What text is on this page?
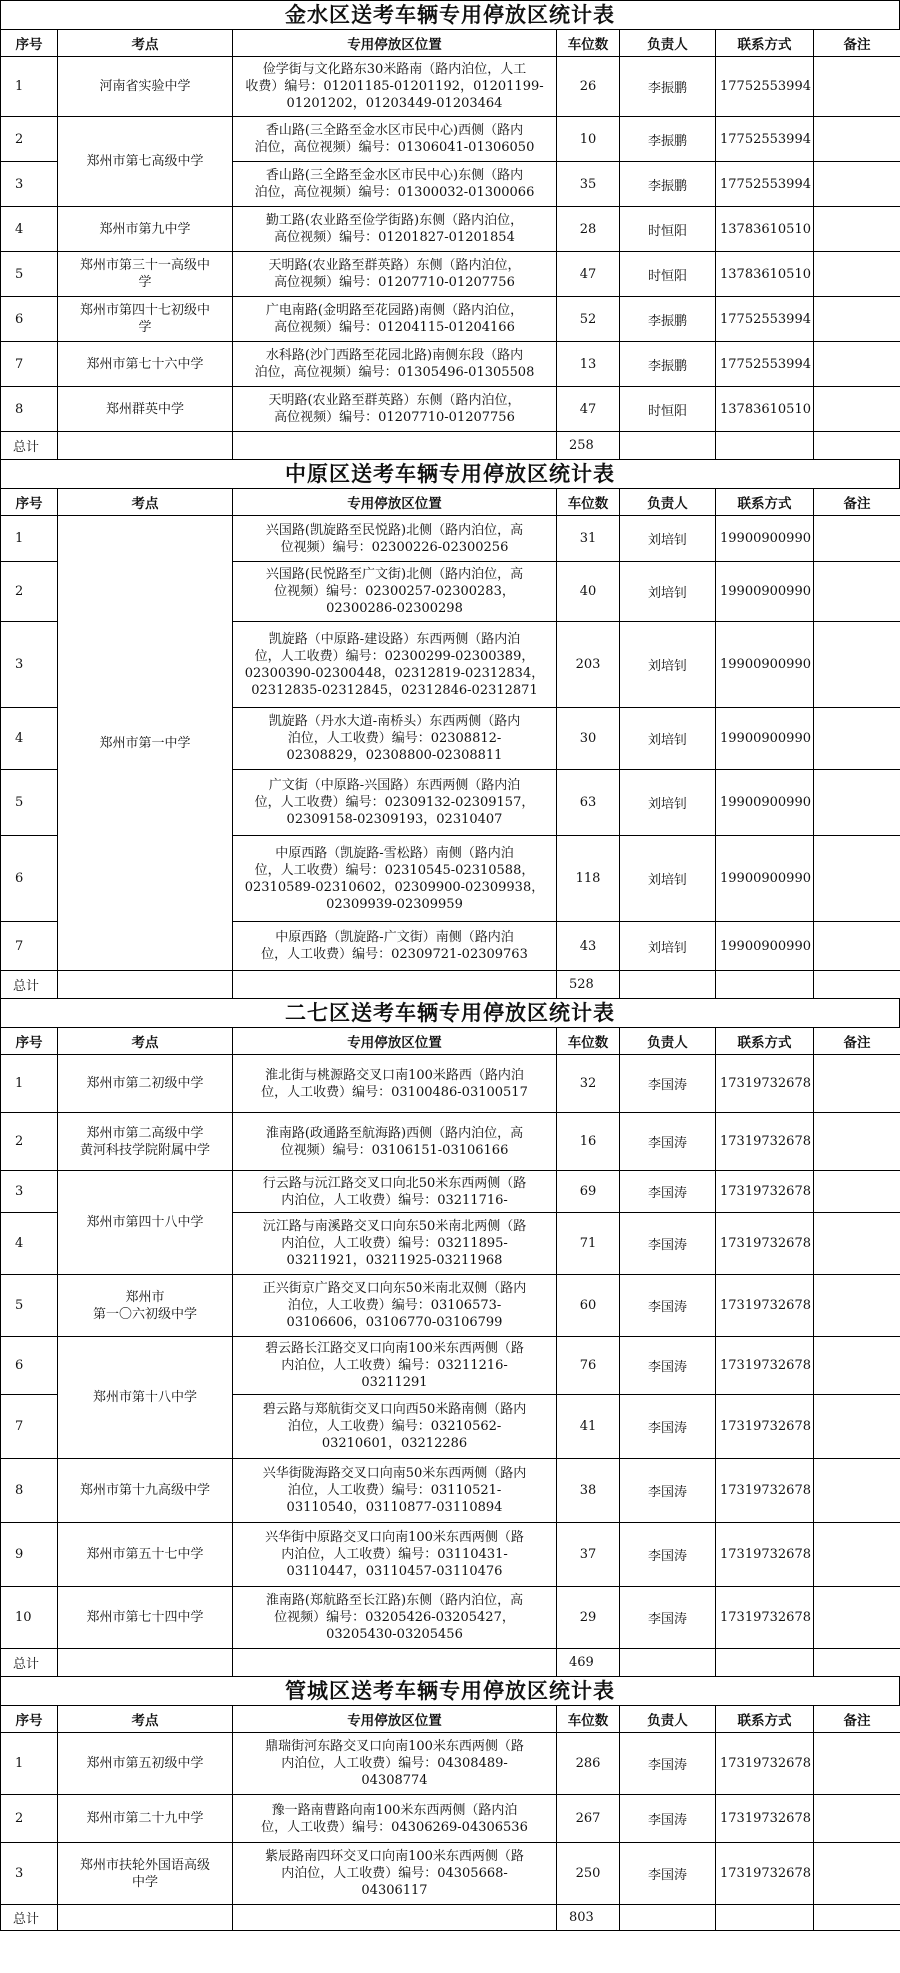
金水区送考车辆专用停放区统计表
序号	考点	专用停放区位置	车位数	负责人	联系方式	备注
1	河南省实验中学	俭学街与文化路东30米路南（路内泊位，人工
收费）编号：01201185-01201192，01201199-
01201202，01203449-01203464	26	李振鹏	17752553994	
2	郑州市第七高级中学	香山路(三全路至金水区市民中心)西侧（路内
泊位，高位视频）编号：01306041-01306050	10	李振鹏	17752553994	
3		香山路(三全路至金水区市民中心)东侧（路内
泊位，高位视频）编号：01300032-01300066	35	李振鹏	17752553994	
4	郑州市第九中学	勤工路(农业路至俭学街路)东侧（路内泊位，
高位视频）编号：01201827-01201854	28	时恒阳	13783610510	
5	郑州市第三十一高级中
学	天明路(农业路至群英路）东侧（路内泊位，
高位视频）编号：01207710-01207756	47	时恒阳	13783610510	
6	郑州市第四十七初级中
学	广电南路(金明路至花园路)南侧（路内泊位，
高位视频）编号：01204115-01204166	52	李振鹏	17752553994	
7	郑州市第七十六中学	水科路(沙门西路至花园北路)南侧东段（路内
泊位，高位视频）编号：01305496-01305508	13	李振鹏	17752553994	
8	郑州群英中学	天明路(农业路至群英路）东侧（路内泊位，
高位视频）编号：01207710-01207756	47	时恒阳	13783610510	
总计			258			
中原区送考车辆专用停放区统计表
序号	考点	专用停放区位置	车位数	负责人	联系方式	备注
1	郑州市第一中学	兴国路(凯旋路至民悦路)北侧（路内泊位，高
位视频）编号：02300226-02300256	31	刘培钊	19900900990	
2		兴国路(民悦路至广文街)北侧（路内泊位，高
位视频）编号：02300257-02300283，
02300286-02300298	40	刘培钊	19900900990	
3		凯旋路（中原路-建设路）东西两侧（路内泊
位，人工收费）编号：02300299-02300389，
02300390-02300448，02312819-02312834，
02312835-02312845，02312846-02312871	203	刘培钊	19900900990	
4		凯旋路（丹水大道-南桥头）东西两侧（路内
泊位，人工收费）编号：02308812-
02308829，02308800-02308811	30	刘培钊	19900900990	
5		广文街（中原路-兴国路）东西两侧（路内泊
位，人工收费）编号：02309132-02309157，
02309158-02309193，02310407	63	刘培钊	19900900990	
6		中原西路（凯旋路-雪松路）南侧（路内泊
位，人工收费）编号：02310545-02310588，
02310589-02310602，02309900-02309938，
02309939-02309959	118	刘培钊	19900900990	
7		中原西路（凯旋路-广文街）南侧（路内泊
位，人工收费）编号：02309721-02309763	43	刘培钊	19900900990	
总计			528			
二七区送考车辆专用停放区统计表
序号	考点	专用停放区位置	车位数	负责人	联系方式	备注
1	郑州市第二初级中学	淮北街与桃源路交叉口南100米路西（路内泊
位，人工收费）编号：03100486-03100517	32	李国涛	17319732678	
2	郑州市第二高级中学
黄河科技学院附属中学	淮南路(政通路至航海路)西侧（路内泊位，高
位视频）编号：03106151-03106166	16	李国涛	17319732678	
3	郑州市第四十八中学	行云路与沅江路交叉口向北50米东西两侧（路
内泊位，人工收费）编号：03211716-	69	李国涛	17319732678	
4		沅江路与南溪路交叉口向东50米南北两侧（路
内泊位，人工收费）编号：03211895-
03211921，03211925-03211968	71	李国涛	17319732678	
5	郑州市
第一〇六初级中学	正兴街京广路交叉口向东50米南北双侧（路内
泊位，人工收费）编号：03106573-
03106606，03106770-03106799	60	李国涛	17319732678	
6	郑州市第十八中学	碧云路长江路交叉口向南100米东西两侧（路
内泊位，人工收费）编号：03211216-
03211291	76	李国涛	17319732678	
7		碧云路与郑航街交叉口向西50米路南侧（路内
泊位，人工收费）编号：03210562-
03210601，03212286	41	李国涛	17319732678	
8	郑州市第十九高级中学	兴华街陇海路交叉口向南50米东西两侧（路内
泊位，人工收费）编号：03110521-
03110540，03110877-03110894	38	李国涛	17319732678	
9	郑州市第五十七中学	兴华街中原路交叉口向南100米东西两侧（路
内泊位，人工收费）编号：03110431-
03110447，03110457-03110476	37	李国涛	17319732678	
10	郑州市第七十四中学	淮南路(郑航路至长江路)东侧（路内泊位，高
位视频）编号：03205426-03205427，
03205430-03205456	29	李国涛	17319732678	
总计			469			
管城区送考车辆专用停放区统计表
序号	考点	专用停放区位置	车位数	负责人	联系方式	备注
1	郑州市第五初级中学	鼎瑞街河东路交叉口向南100米东西两侧（路
内泊位，人工收费）编号：04308489-
04308774	286	李国涛	17319732678	
2	郑州市第二十九中学	豫一路南曹路向南100米东西两侧（路内泊
位，人工收费）编号：04306269-04306536	267	李国涛	17319732678	
3	郑州市扶轮外国语高级
中学	紫辰路南四环交叉口向南100米东西两侧（路
内泊位，人工收费）编号：04305668-
04306117	250	李国涛	17319732678	
总计			803			
